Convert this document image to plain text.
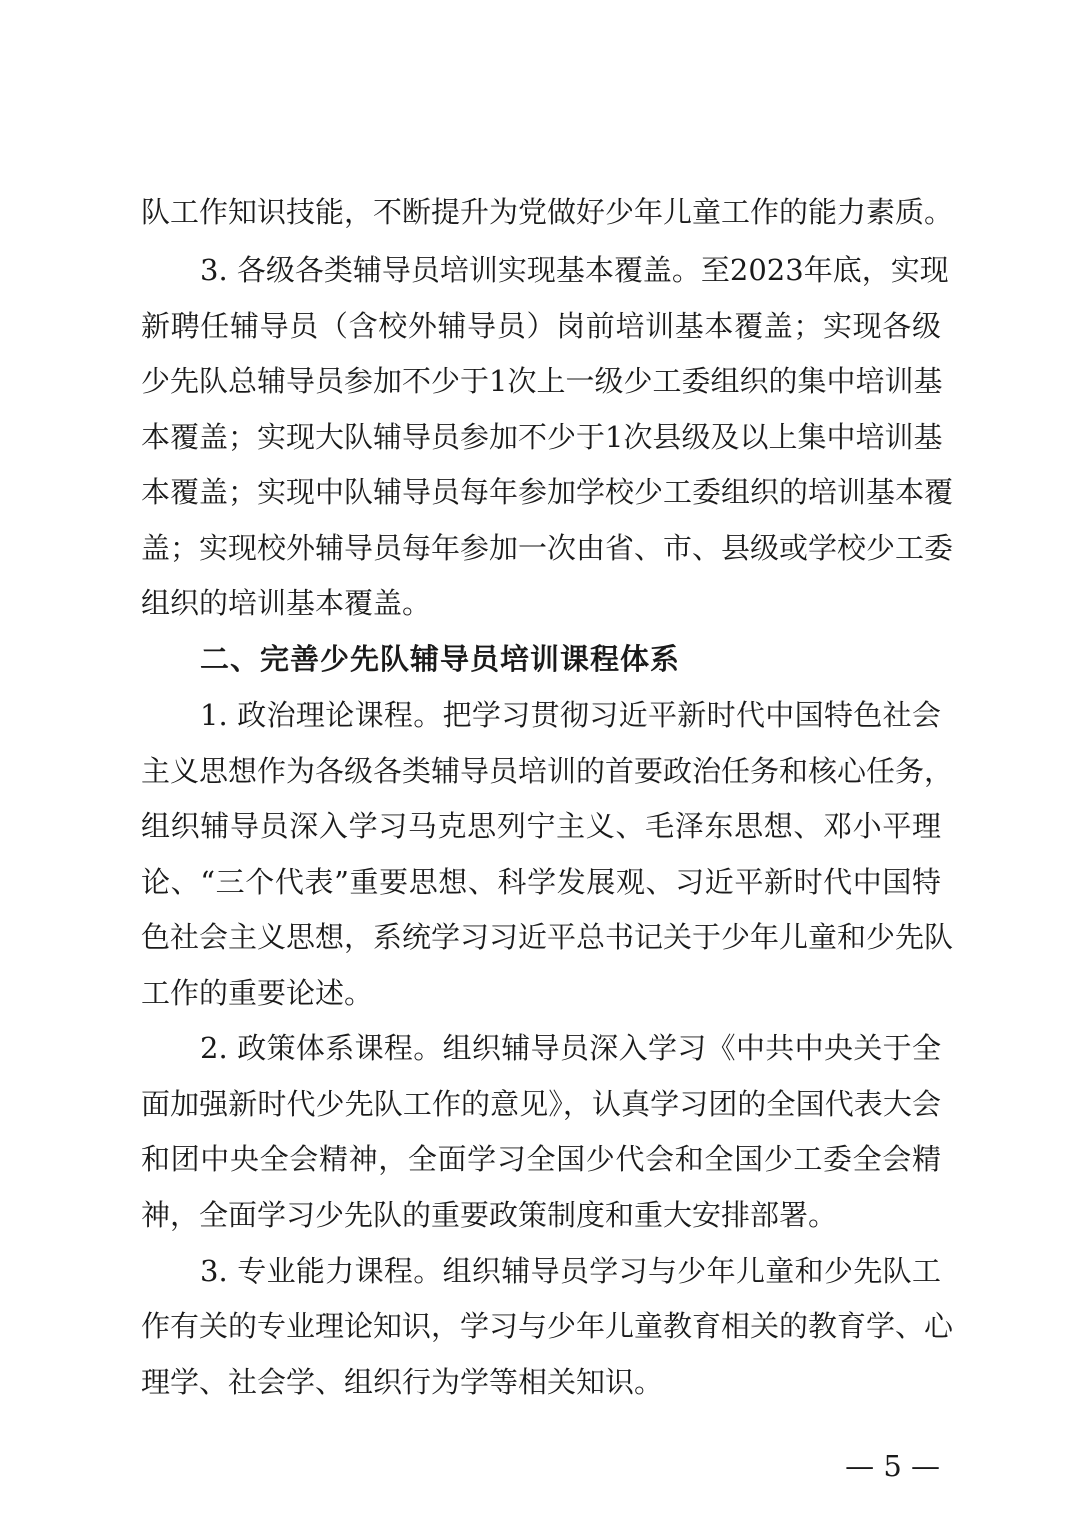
队工作知识技能，不断提升为党做好少年儿童工作的能力素质。
3. 各级各类辅导员培训实现基本覆盖。至2023年底，实现
新聘任辅导员（含校外辅导员）岗前培训基本覆盖；实现各级
少先队总辅导员参加不少于1次上一级少工委组织的集中培训基
本覆盖；实现大队辅导员参加不少于1次县级及以上集中培训基
本覆盖；实现中队辅导员每年参加学校少工委组织的培训基本覆
盖；实现校外辅导员每年参加一次由省、市、县级或学校少工委
组织的培训基本覆盖。
二、完善少先队辅导员培训课程体系
1. 政治理论课程。把学习贯彻习近平新时代中国特色社会
主义思想作为各级各类辅导员培训的首要政治任务和核心任务，
组织辅导员深入学习马克思列宁主义、毛泽东思想、邓小平理
论、“三个代表”重要思想、科学发展观、习近平新时代中国特
色社会主义思想，系统学习习近平总书记关于少年儿童和少先队
工作的重要论述。
2. 政策体系课程。组织辅导员深入学习《中共中央关于全
面加强新时代少先队工作的意见》，认真学习团的全国代表大会
和团中央全会精神，全面学习全国少代会和全国少工委全会精
神，全面学习少先队的重要政策制度和重大安排部署。
3. 专业能力课程。组织辅导员学习与少年儿童和少先队工
作有关的专业理论知识，学习与少年儿童教育相关的教育学、心
理学、社会学、组织行为学等相关知识。
— 5 —
